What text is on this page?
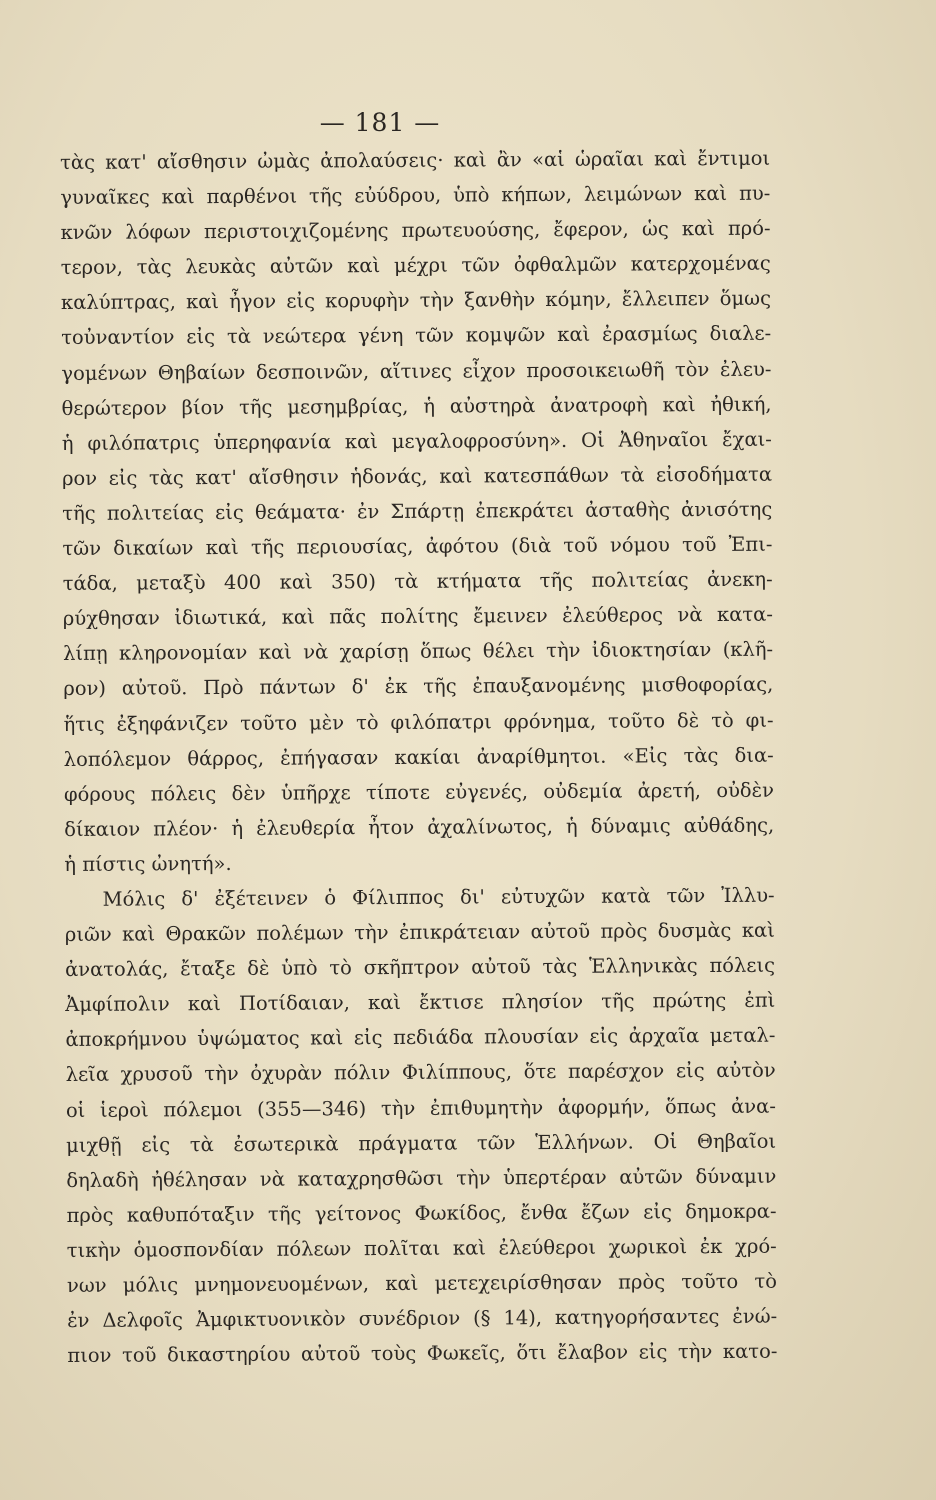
— 181 —
τὰς κατ' αἴσθησιν ὠμὰς ἀπολαύσεις· καὶ ἂν «αἱ ὡραῖαι καὶ ἔντιμοι
γυναῖκες καὶ παρθένοι τῆς εὐύδρου, ὑπὸ κήπων, λειμώνων καὶ πυ-
κνῶν λόφων περιστοιχιζομένης πρωτευούσης, ἔφερον, ὡς καὶ πρό-
τερον, τὰς λευκὰς αὐτῶν καὶ μέχρι τῶν ὀφθαλμῶν κατερχομένας
καλύπτρας, καὶ ἦγον εἰς κορυφὴν τὴν ξανθὴν κόμην, ἔλλειπεν ὅμως
τοὐναντίον εἰς τὰ νεώτερα γένη τῶν κομψῶν καὶ ἐρασμίως διαλε-
γομένων Θηβαίων δεσποινῶν, αἵτινες εἶχον προσοικειωθῆ τὸν ἐλευ-
θερώτερον βίον τῆς μεσημβρίας, ἡ αὐστηρὰ ἀνατροφὴ καὶ ἠθική,
ἡ φιλόπατρις ὑπερηφανία καὶ μεγαλοφροσύνη». Οἱ Ἀθηναῖοι ἔχαι-
ρον εἰς τὰς κατ' αἴσθησιν ἡδονάς, καὶ κατεσπάθων τὰ εἰσοδήματα
τῆς πολιτείας εἰς θεάματα· ἐν Σπάρτῃ ἐπεκράτει ἀσταθὴς ἀνισότης
τῶν δικαίων καὶ τῆς περιουσίας, ἀφότου (διὰ τοῦ νόμου τοῦ Ἐπι-
τάδα, μεταξὺ 400 καὶ 350) τὰ κτήματα τῆς πολιτείας ἀνεκη-
ρύχθησαν ἰδιωτικά, καὶ πᾶς πολίτης ἔμεινεν ἐλεύθερος νὰ κατα-
λίπῃ κληρονομίαν καὶ νὰ χαρίσῃ ὅπως θέλει τὴν ἰδιοκτησίαν (κλῆ-
ρον) αὐτοῦ. Πρὸ πάντων δ' ἐκ τῆς ἐπαυξανομένης μισθοφορίας,
ἥτις ἐξηφάνιζεν τοῦτο μὲν τὸ φιλόπατρι φρόνημα, τοῦτο δὲ τὸ φι-
λοπόλεμον θάρρος, ἐπήγασαν κακίαι ἀναρίθμητοι. «Εἰς τὰς δια-
φόρους πόλεις δὲν ὑπῆρχε τίποτε εὐγενές, οὐδεμία ἀρετή, οὐδὲν
δίκαιον πλέον· ἡ ἐλευθερία ἦτον ἀχαλίνωτος, ἡ δύναμις αὐθάδης,
ἡ πίστις ὠνητή».
Μόλις δ' ἐξέτεινεν ὁ Φίλιππος δι' εὐτυχῶν κατὰ τῶν Ἰλλυ-
ριῶν καὶ Θρακῶν πολέμων τὴν ἐπικράτειαν αὐτοῦ πρὸς δυσμὰς καὶ
ἀνατολάς, ἔταξε δὲ ὑπὸ τὸ σκῆπτρον αὐτοῦ τὰς Ἑλληνικὰς πόλεις
Ἀμφίπολιν καὶ Ποτίδαιαν, καὶ ἔκτισε πλησίον τῆς πρώτης ἐπὶ
ἀποκρήμνου ὑψώματος καὶ εἰς πεδιάδα πλουσίαν εἰς ἀρχαῖα μεταλ-
λεῖα χρυσοῦ τὴν ὀχυρὰν πόλιν Φιλίππους, ὅτε παρέσχον εἰς αὐτὸν
οἱ ἱεροὶ πόλεμοι (355—346) τὴν ἐπιθυμητὴν ἀφορμήν, ὅπως ἀνα-
μιχθῇ εἰς τὰ ἐσωτερικὰ πράγματα τῶν Ἑλλήνων. Οἱ Θηβαῖοι
δηλαδὴ ἠθέλησαν νὰ καταχρησθῶσι τὴν ὑπερτέραν αὐτῶν δύναμιν
πρὸς καθυπόταξιν τῆς γείτονος Φωκίδος, ἔνθα ἔζων εἰς δημοκρα-
τικὴν ὁμοσπονδίαν πόλεων πολῖται καὶ ἐλεύθεροι χωρικοὶ ἐκ χρό-
νων μόλις μνημονευομένων, καὶ μετεχειρίσθησαν πρὸς τοῦτο τὸ
ἐν Δελφοῖς Ἀμφικτυονικὸν συνέδριον (§ 14), κατηγορήσαντες ἐνώ-
πιον τοῦ δικαστηρίου αὐτοῦ τοὺς Φωκεῖς, ὅτι ἔλαβον εἰς τὴν κατο-
